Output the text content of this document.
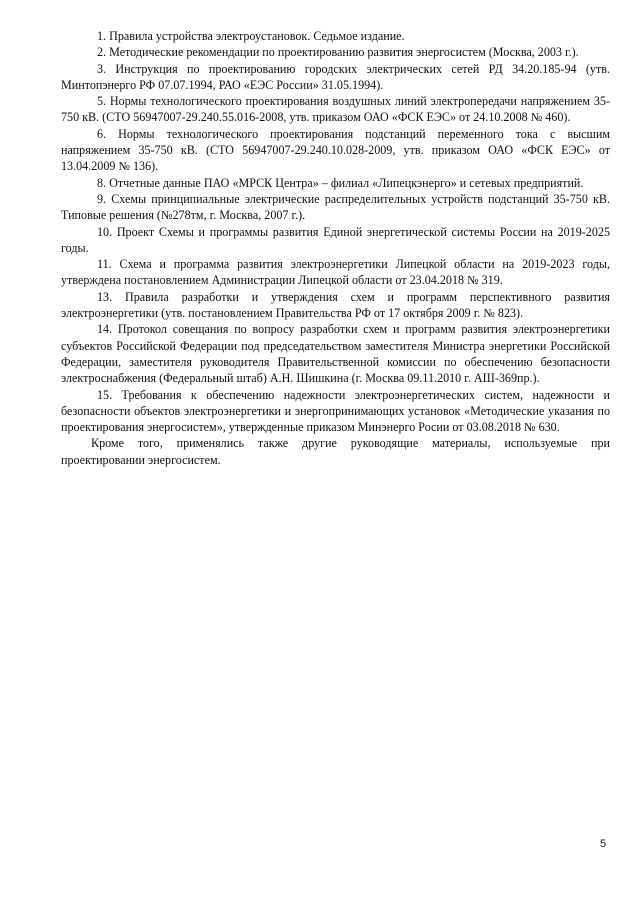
1. Правила устройства электроустановок. Седьмое издание.

2. Методические рекомендации по проектированию развития энергосистем (Москва, 2003 г.).

3. Инструкция по проектированию городских электрических сетей РД 34.20.185-94 (утв. Минтопэнерго РФ 07.07.1994, РАО «ЕЭС России» 31.05.1994).

5. Нормы технологического проектирования воздушных линий электропередачи напряжением 35-750 кВ. (СТО 56947007-29.240.55.016-2008, утв. приказом ОАО «ФСК ЕЭС» от 24.10.2008 № 460).

6. Нормы технологического проектирования подстанций переменного тока с высшим напряжением 35-750 кВ. (СТО 56947007-29.240.10.028-2009, утв. приказом ОАО «ФСК ЕЭС» от 13.04.2009 № 136).

8. Отчетные данные ПАО «МРСК Центра» – филиал «Липецкэнерго» и сетевых предприятий.

9. Схемы принципиальные электрические распределительных устройств подстанций 35-750 кВ. Типовые решения (№278тм, г. Москва, 2007 г.).

10. Проект Схемы и программы развития Единой энергетической системы России на 2019-2025 годы.

11. Схема и программа развития электроэнергетики Липецкой области на 2019-2023 годы, утверждена постановлением Администрации Липецкой области от 23.04.2018 № 319.

13. Правила разработки и утверждения схем и программ перспективного развития электроэнергетики (утв. постановлением Правительства РФ от 17 октября 2009 г. № 823).

14. Протокол совещания по вопросу разработки схем и программ развития электроэнергетики субъектов Российской Федерации под председательством заместителя Министра энергетики Российской Федерации, заместителя руководителя Правительственной комиссии по обеспечению безопасности электроснабжения (Федеральный штаб) А.Н. Шишкина (г. Москва 09.11.2010 г. АШ-369пр.).

15. Требования к обеспечению надежности электроэнергетических систем, надежности и безопасности объектов электроэнергетики и энергопринимающих установок «Методические указания по проектирования энергосистем», утвержденные приказом Минэнерго Росии от 03.08.2018 № 630.

Кроме того, применялись также другие руководящие материалы, используемые при проектировании энергосистем.

5
